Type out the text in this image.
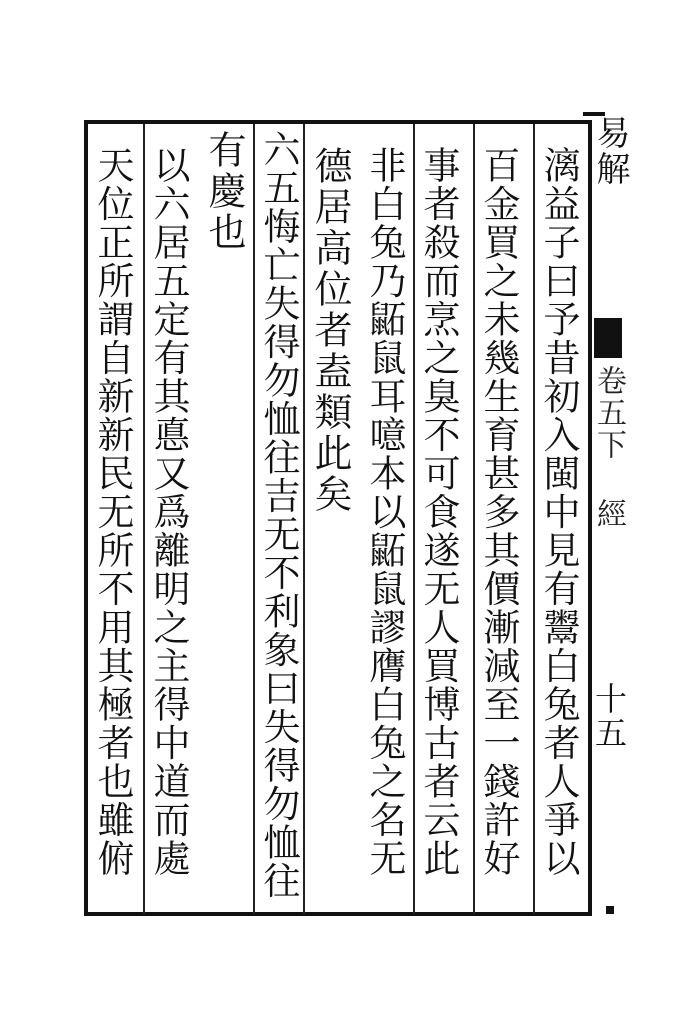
易解
卷五下 經
十五
漓益子曰予昔初入閩中見有鬻白兔者人爭以
百金買之未幾生育甚多其價漸減至一錢許好
事者殺而烹之臭不可食遂无人買博古者云此
非白兔乃鼫鼠耳噫本以鼫鼠謬膺白兔之名无
德居高位者盍類此矣
六五悔亡失得勿恤往吉无不利象曰失得勿恤往
有慶也
以六居五定有其悳又爲離明之主得中道而處
天位正所謂自新新民无所不用其極者也雖俯
